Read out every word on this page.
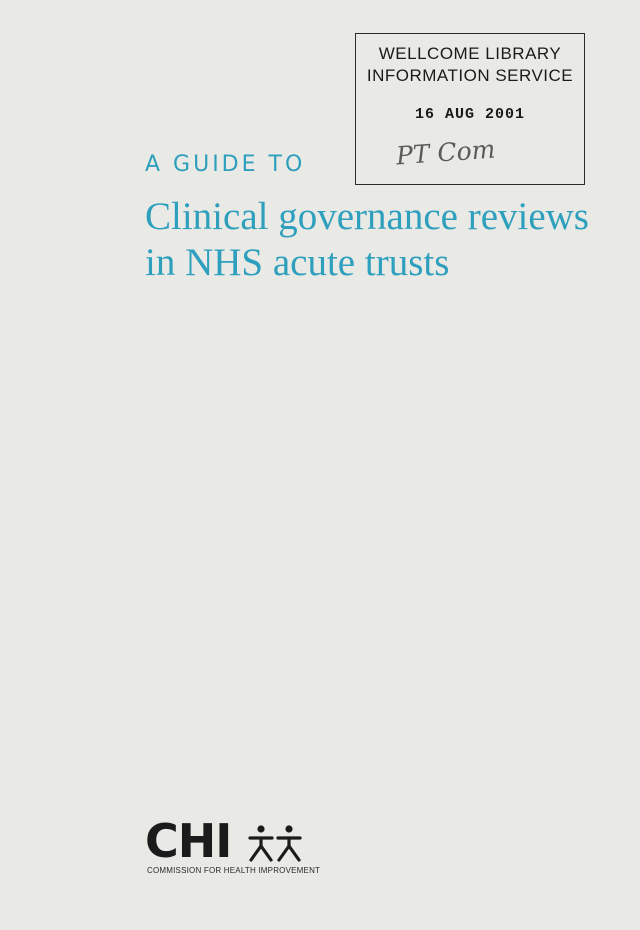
WELLCOME LIBRARY
INFORMATION SERVICE
16 AUG 2001
PT Com
A GUIDE TO
Clinical governance reviews
in NHS acute trusts
CHI
COMMISSION FOR HEALTH IMPROVEMENT
